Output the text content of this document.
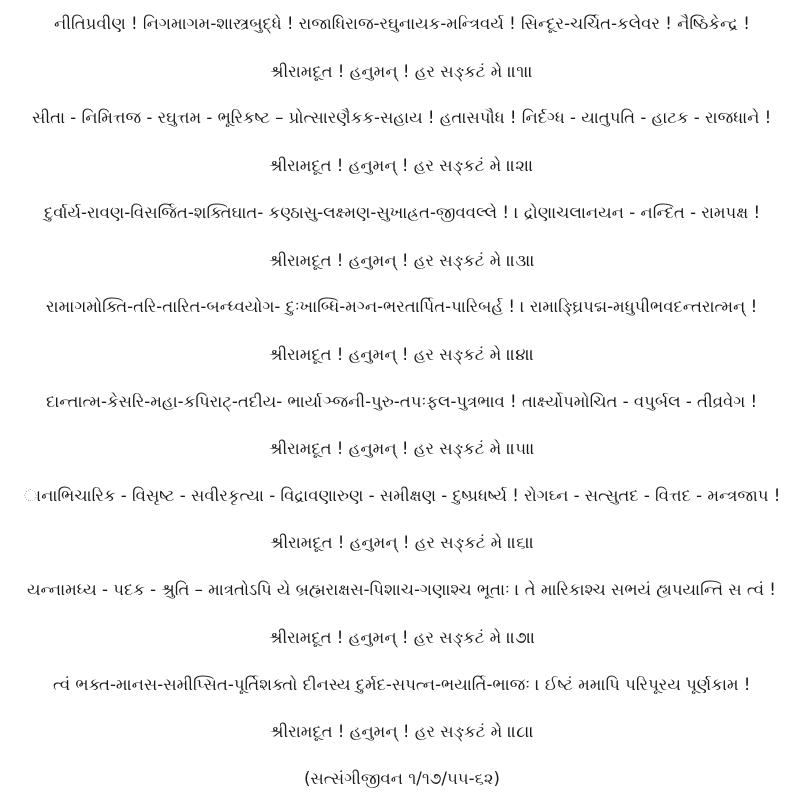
નીતિપ્રવીણ ! નિગમાગમ-શાસ્ત્રબુદ્ધે ! રાજાધિરાજ-રઘુનાયક-મન્ત્રિવર્ય ! સિન્દૂર-ચર્ચિત-કલેવર ! નૈષ્ઠિકેન્દ્ર !
શ્રીરામદૂત ! હનુમન્ ! હર સઙ્કટં મે ॥૧॥
સીતા - નિમિત્તજ - રઘુત્તમ - ભૂરિકષ્ટ – પ્રોત્સારણૈકક-સહાય ! હતાસપૌધ ! નિર્દગ્ધ - યાતુપતિ - હાટક - રાજધાને !
શ્રીરામદૂત ! હનુમન્ ! હર સઙ્કટં મે ॥૨॥
દુર્વાર્ય-રાવણ-વિસર્જિત-શક્તિઘાત- કણ્ઠાસુ-લક્ષ્મણ-સુખાહ્રત-જીવવલ્લે ! । દ્રોણાચલાનયન - નન્દિત - રામપક્ષ !
શ્રીરામદૂત ! હનુમન્ ! હર સઙ્કટં મે ॥૩॥
રામાગમોક્તિ-તરિ-તારિત-બન્ધ્વયોગ- દુઃખાબ્ધિ-મગ્ન-ભરતાર્પિત-પારિબર્હ ! । રામાઙ્ઘ્રિપદ્મ-મધુપીભવદન્તરાત્મન્ !
શ્રીરામદૂત ! હનુમન્ ! હર સઙ્કટં મે ॥૪॥
દાન્તાત્મ-કેસરિ-મહા-કપિરાટ્-તદીય- ભાર્યાઞ્જની-પુરુ-તપઃફલ-પુત્રભાવ ! તાર્ક્ષ્યોપમોચિત - વપુર્બલ - તીવ્રવેગ !
શ્રીરામદૂત ! હનુમન્ ! હર સઙ્કટં મે ॥૫॥
ાનાભિચારિક - વિસૃષ્ટ - સવીરકૃત્યા - વિદ્રાવણારુણ - સમીક્ષણ - દુષ્પ્રધર્ષ્ય ! રોગઘ્ન - સત્સુતદ - વિત્તદ - મન્ત્રજાપ !
શ્રીરામદૂત ! હનુમન્ ! હર સઙ્કટં મે ॥૬॥
યન્નામધ્ય - પદક - શ્રુતિ – માત્રતોઽપિ યે બ્રહ્મરાક્ષસ-પિશાચ-ગણાશ્ચ ભૂતાઃ । તે મારિકાશ્ચ સભયં હ્યપયાન્તિ સ ત્વં !
શ્રીરામદૂત ! હનુમન્ ! હર સઙ્કટં મે ॥૭॥
ત્વં ભક્ત-માનસ-સમીપ્સિત-પૂર્તિશક્તો દીનસ્ય દુર્મદ-સપત્ન-ભયાર્તિ-ભાજઃ । ઈષ્ટં મમાપિ પરિપૂરય પૂર્ણકામ !
શ્રીરામદૂત ! હનુમન્ ! હર સઙ્કટં મે ॥૮॥
(સત્સંગીજીવન ૧/૧૭/૫૫-૬૨)
